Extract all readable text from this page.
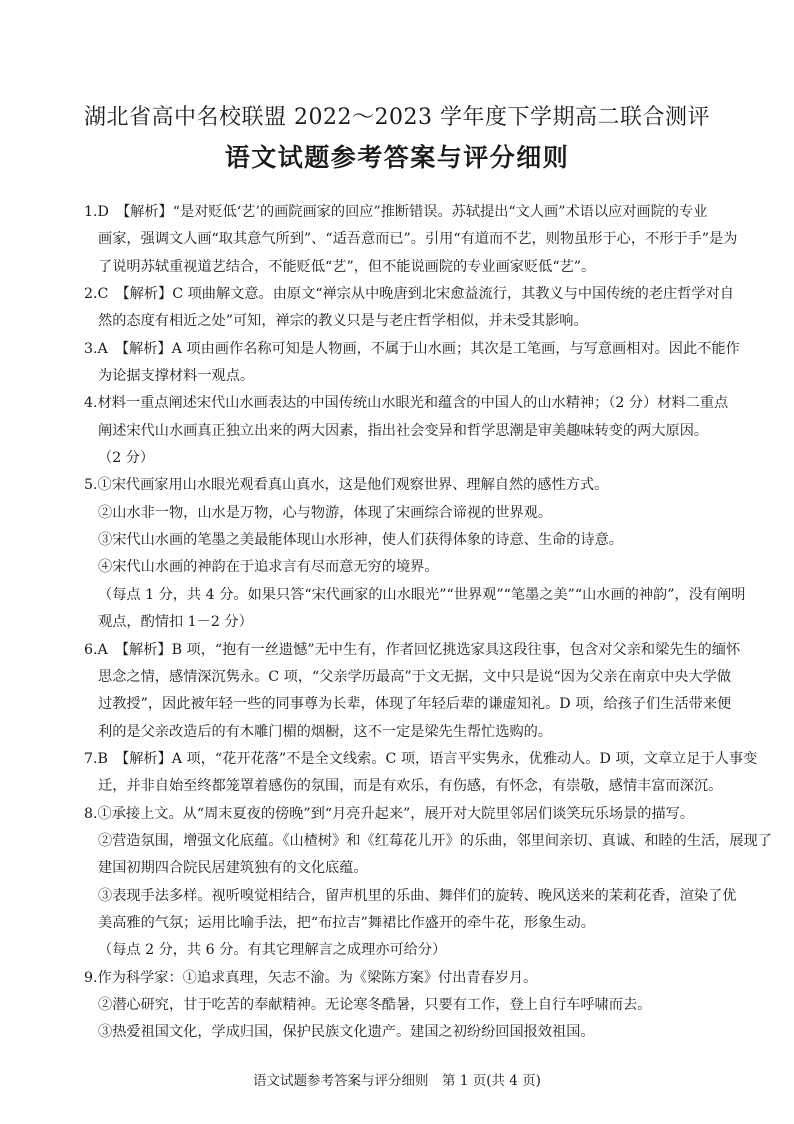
湖北省高中名校联盟 2022～2023 学年度下学期高二联合测评
语文试题参考答案与评分细则
1.D　【解析】“是对贬低‘艺’的画院画家的回应”推断错误。苏轼提出“文人画”术语以应对画院的专业
画家，强调文人画“取其意气所到”、“适吾意而已”。引用“有道而不艺，则物虽形于心，不形于手”是为
了说明苏轼重视道艺结合，不能贬低“艺”，但不能说画院的专业画家贬低“艺”。
2.C　【解析】C 项曲解文意。由原文“禅宗从中晚唐到北宋愈益流行，其教义与中国传统的老庄哲学对自
然的态度有相近之处”可知，禅宗的教义只是与老庄哲学相似，并未受其影响。
3.A　【解析】A 项由画作名称可知是人物画，不属于山水画；其次是工笔画，与写意画相对。因此不能作
为论据支撑材料一观点。
4.材料一重点阐述宋代山水画表达的中国传统山水眼光和蕴含的中国人的山水精神；（2 分）材料二重点
阐述宋代山水画真正独立出来的两大因素，指出社会变异和哲学思潮是审美趣味转变的两大原因。
（2 分）
5.①宋代画家用山水眼光观看真山真水，这是他们观察世界、理解自然的感性方式。
②山水非一物，山水是万物，心与物游，体现了宋画综合谛视的世界观。
③宋代山水画的笔墨之美最能体现山水形神，使人们获得体象的诗意、生命的诗意。
④宋代山水画的神韵在于追求言有尽而意无穷的境界。
（每点 1 分，共 4 分。如果只答“宋代画家的山水眼光”“世界观”“笔墨之美”“山水画的神韵”，没有阐明
观点，酌情扣 1－2 分）
6.A　【解析】B 项，“抱有一丝遗憾”无中生有，作者回忆挑选家具这段往事，包含对父亲和梁先生的缅怀
思念之情，感情深沉隽永。C 项，“父亲学历最高”于文无据，文中只是说“因为父亲在南京中央大学做
过教授”，因此被年轻一些的同事尊为长辈，体现了年轻后辈的谦虚知礼。D 项，给孩子们生活带来便
利的是父亲改造后的有木雕门楣的烟橱，这不一定是梁先生帮忙选购的。
7.B　【解析】A 项，“花开花落”不是全文线索。C 项，语言平实隽永，优雅动人。D 项，文章立足于人事变
迁，并非自始至终都笼罩着感伤的氛围，而是有欢乐，有伤感，有怀念，有崇敬，感情丰富而深沉。
8.①承接上文。从“周末夏夜的傍晚”到“月亮升起来”，展开对大院里邻居们谈笑玩乐场景的描写。
②营造氛围，增强文化底蕴。《山楂树》和《红莓花儿开》的乐曲，邻里间亲切、真诚、和睦的生活，展现了
建国初期四合院民居建筑独有的文化底蕴。
③表现手法多样。视听嗅觉相结合，留声机里的乐曲、舞伴们的旋转、晚风送来的茉莉花香，渲染了优
美高雅的气氛；运用比喻手法，把“布拉吉”舞裙比作盛开的牵牛花，形象生动。
（每点 2 分，共 6 分。有其它理解言之成理亦可给分）
9.作为科学家：①追求真理，矢志不渝。为《梁陈方案》付出青春岁月。
②潜心研究，甘于吃苦的奉献精神。无论寒冬酷暑，只要有工作，登上自行车呼啸而去。
③热爱祖国文化，学成归国，保护民族文化遗产。建国之初纷纷回国报效祖国。
语文试题参考答案与评分细则　第 1 页(共 4 页)
